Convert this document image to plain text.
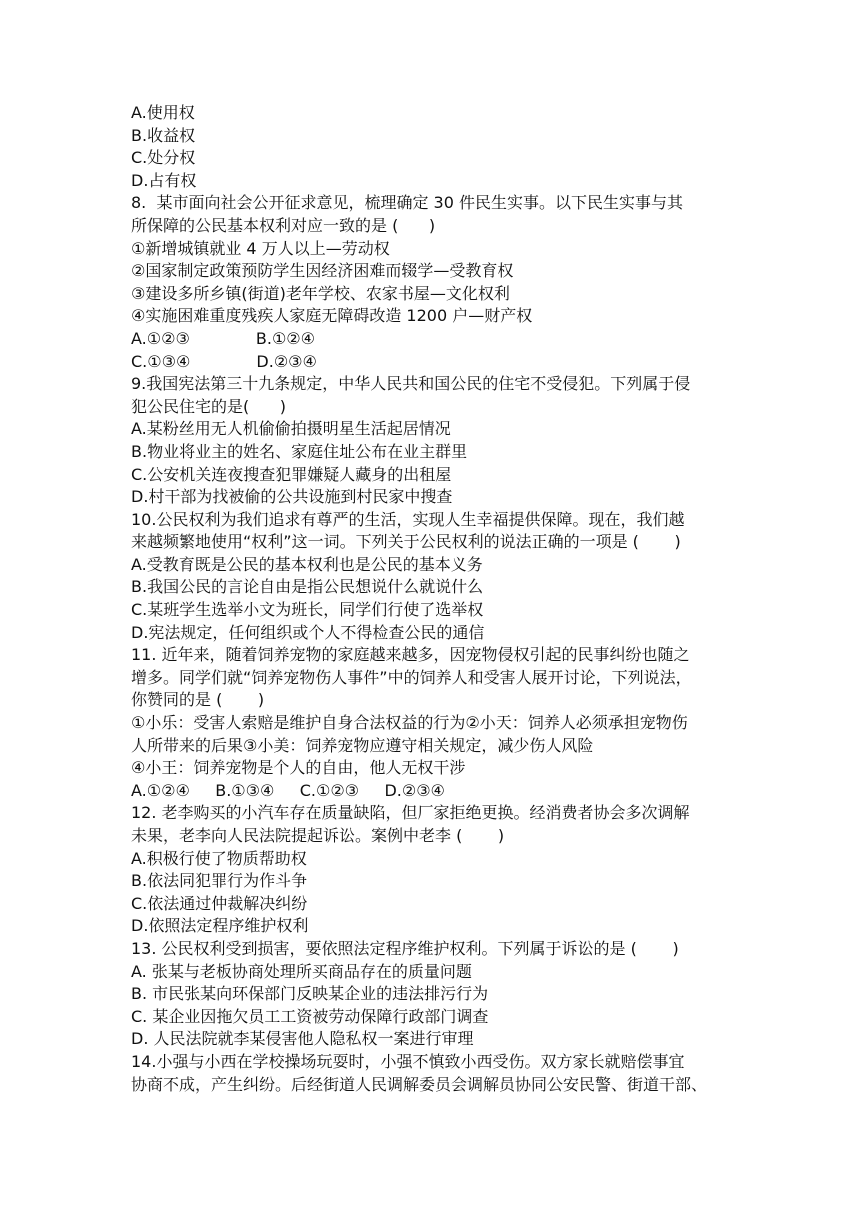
A.使用权
B.收益权
C.处分权
D.占有权
8.  某市面向社会公开征求意见，梳理确定 30 件民生实事。以下民生实事与其
所保障的公民基本权利对应一致的是 (      )
①新增城镇就业 4 万人以上—劳动权
②国家制定政策预防学生因经济困难而辍学—受教育权
③建设多所乡镇(街道)老年学校、农家书屋—文化权利
④实施困难重度残疾人家庭无障碍改造 1200 户—财产权
A.①②③             B.①②④
C.①③④             D.②③④
9.我国宪法第三十九条规定，中华人民共和国公民的住宅不受侵犯。下列属于侵
犯公民住宅的是(      )
A.某粉丝用无人机偷偷拍摄明星生活起居情况
B.物业将业主的姓名、家庭住址公布在业主群里
C.公安机关连夜搜查犯罪嫌疑人藏身的出租屋
D.村干部为找被偷的公共设施到村民家中搜查
10.公民权利为我们追求有尊严的生活，实现人生幸福提供保障。现在，我们越
来越频繁地使用“权利”这一词。下列关于公民权利的说法正确的一项是 (       )
A.受教育既是公民的基本权利也是公民的基本义务
B.我国公民的言论自由是指公民想说什么就说什么
C.某班学生选举小文为班长，同学们行使了选举权
D.宪法规定，任何组织或个人不得检查公民的通信
11. 近年来，随着饲养宠物的家庭越来越多，因宠物侵权引起的民事纠纷也随之
增多。同学们就“饲养宠物伤人事件”中的饲养人和受害人展开讨论，下列说法，
你赞同的是 (       )
①小乐：受害人索赔是维护自身合法权益的行为②小天：饲养人必须承担宠物伤
人所带来的后果③小美：饲养宠物应遵守相关规定，减少伤人风险
④小王：饲养宠物是个人的自由，他人无权干涉
A.①②④     B.①③④     C.①②③     D.②③④
12. 老李购买的小汽车存在质量缺陷，但厂家拒绝更换。经消费者协会多次调解
未果，老李向人民法院提起诉讼。案例中老李 (       )
A.积极行使了物质帮助权
B.依法同犯罪行为作斗争
C.依法通过仲裁解决纠纷
D.依照法定程序维护权利
13. 公民权利受到损害，要依照法定程序维护权利。下列属于诉讼的是 (       )
A. 张某与老板协商处理所买商品存在的质量问题
B. 市民张某向环保部门反映某企业的违法排污行为
C. 某企业因拖欠员工工资被劳动保障行政部门调查
D. 人民法院就李某侵害他人隐私权一案进行审理
14.小强与小西在学校操场玩耍时，小强不慎致小西受伤。双方家长就赔偿事宜
协商不成，产生纠纷。后经街道人民调解委员会调解员协同公安民警、街道干部、
